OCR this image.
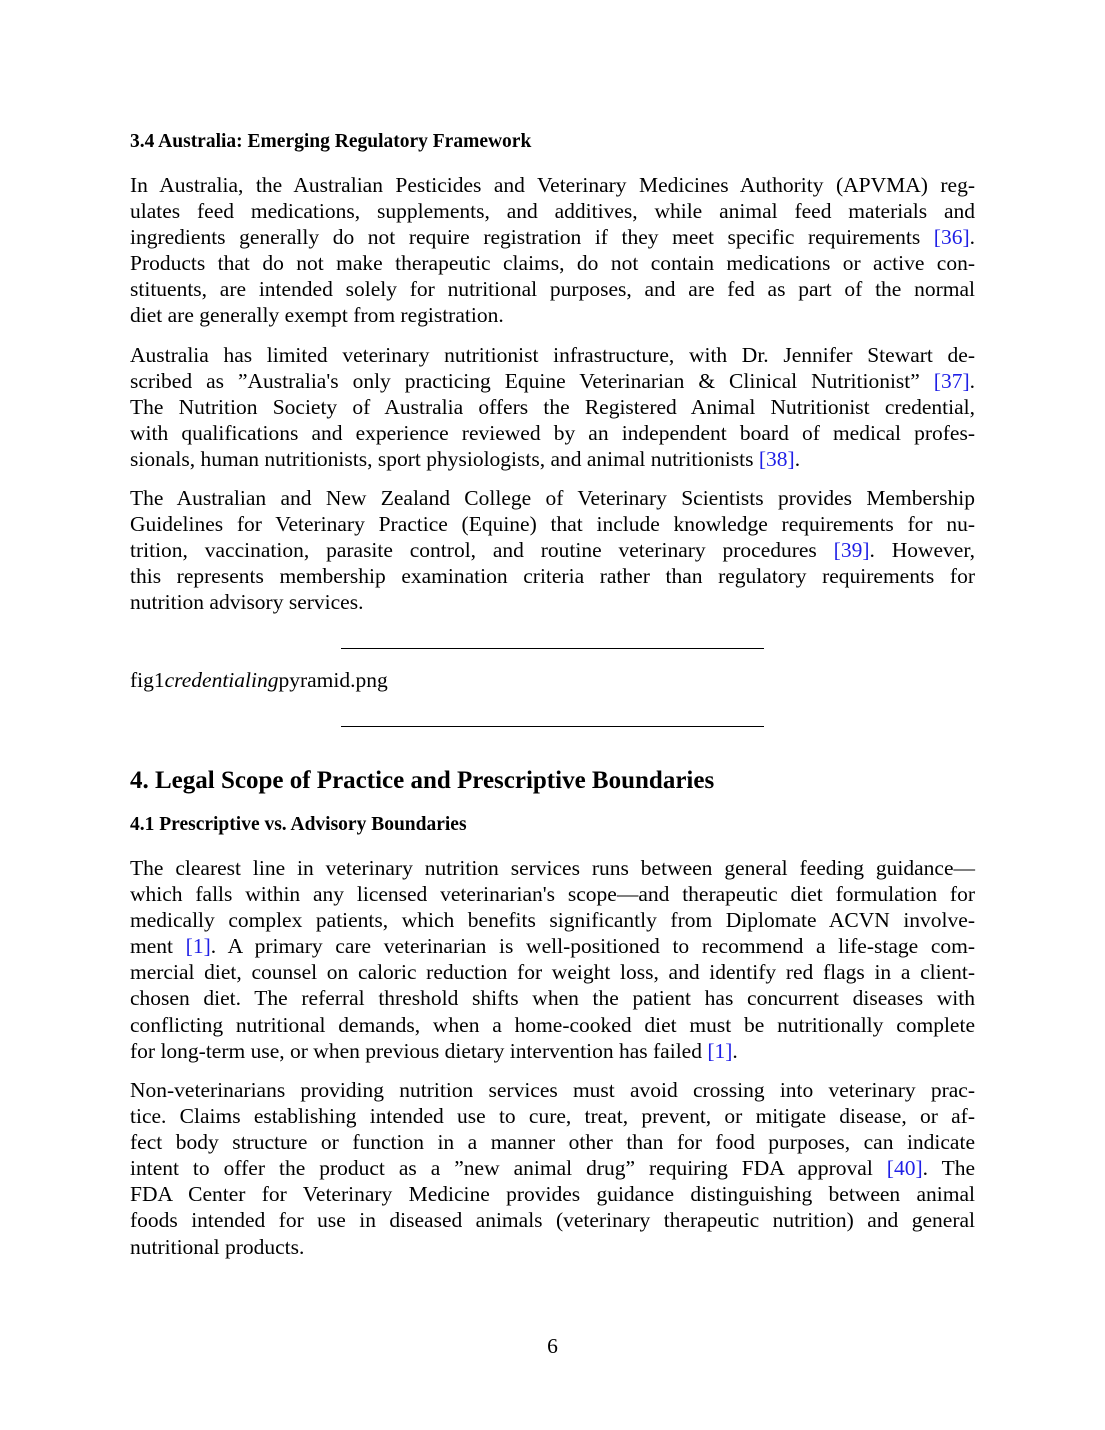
3.4 Australia: Emerging Regulatory Framework
In Australia, the Australian Pesticides and Veterinary Medicines Authority (APVMA) reg-
ulates feed medications, supplements, and additives, while animal feed materials and
ingredients generally do not require registration if they meet specific requirements [36].
Products that do not make therapeutic claims, do not contain medications or active con-
stituents, are intended solely for nutritional purposes, and are fed as part of the normal
diet are generally exempt from registration.
Australia has limited veterinary nutritionist infrastructure, with Dr. Jennifer Stewart de-
scribed as ”Australia's only practicing Equine Veterinarian & Clinical Nutritionist” [37].
The Nutrition Society of Australia offers the Registered Animal Nutritionist credential,
with qualifications and experience reviewed by an independent board of medical profes-
sionals, human nutritionists, sport physiologists, and animal nutritionists [38].
The Australian and New Zealand College of Veterinary Scientists provides Membership
Guidelines for Veterinary Practice (Equine) that include knowledge requirements for nu-
trition, vaccination, parasite control, and routine veterinary procedures [39]. However,
this represents membership examination criteria rather than regulatory requirements for
nutrition advisory services.
fig1credentialingpyramid.png
4. Legal Scope of Practice and Prescriptive Boundaries
4.1 Prescriptive vs. Advisory Boundaries
The clearest line in veterinary nutrition services runs between general feeding guidance—
which falls within any licensed veterinarian's scope—and therapeutic diet formulation for
medically complex patients, which benefits significantly from Diplomate ACVN involve-
ment [1]. A primary care veterinarian is well-positioned to recommend a life-stage com-
mercial diet, counsel on caloric reduction for weight loss, and identify red flags in a client-
chosen diet. The referral threshold shifts when the patient has concurrent diseases with
conflicting nutritional demands, when a home-cooked diet must be nutritionally complete
for long-term use, or when previous dietary intervention has failed [1].
Non-veterinarians providing nutrition services must avoid crossing into veterinary prac-
tice. Claims establishing intended use to cure, treat, prevent, or mitigate disease, or af-
fect body structure or function in a manner other than for food purposes, can indicate
intent to offer the product as a ”new animal drug” requiring FDA approval [40]. The
FDA Center for Veterinary Medicine provides guidance distinguishing between animal
foods intended for use in diseased animals (veterinary therapeutic nutrition) and general
nutritional products.
6
